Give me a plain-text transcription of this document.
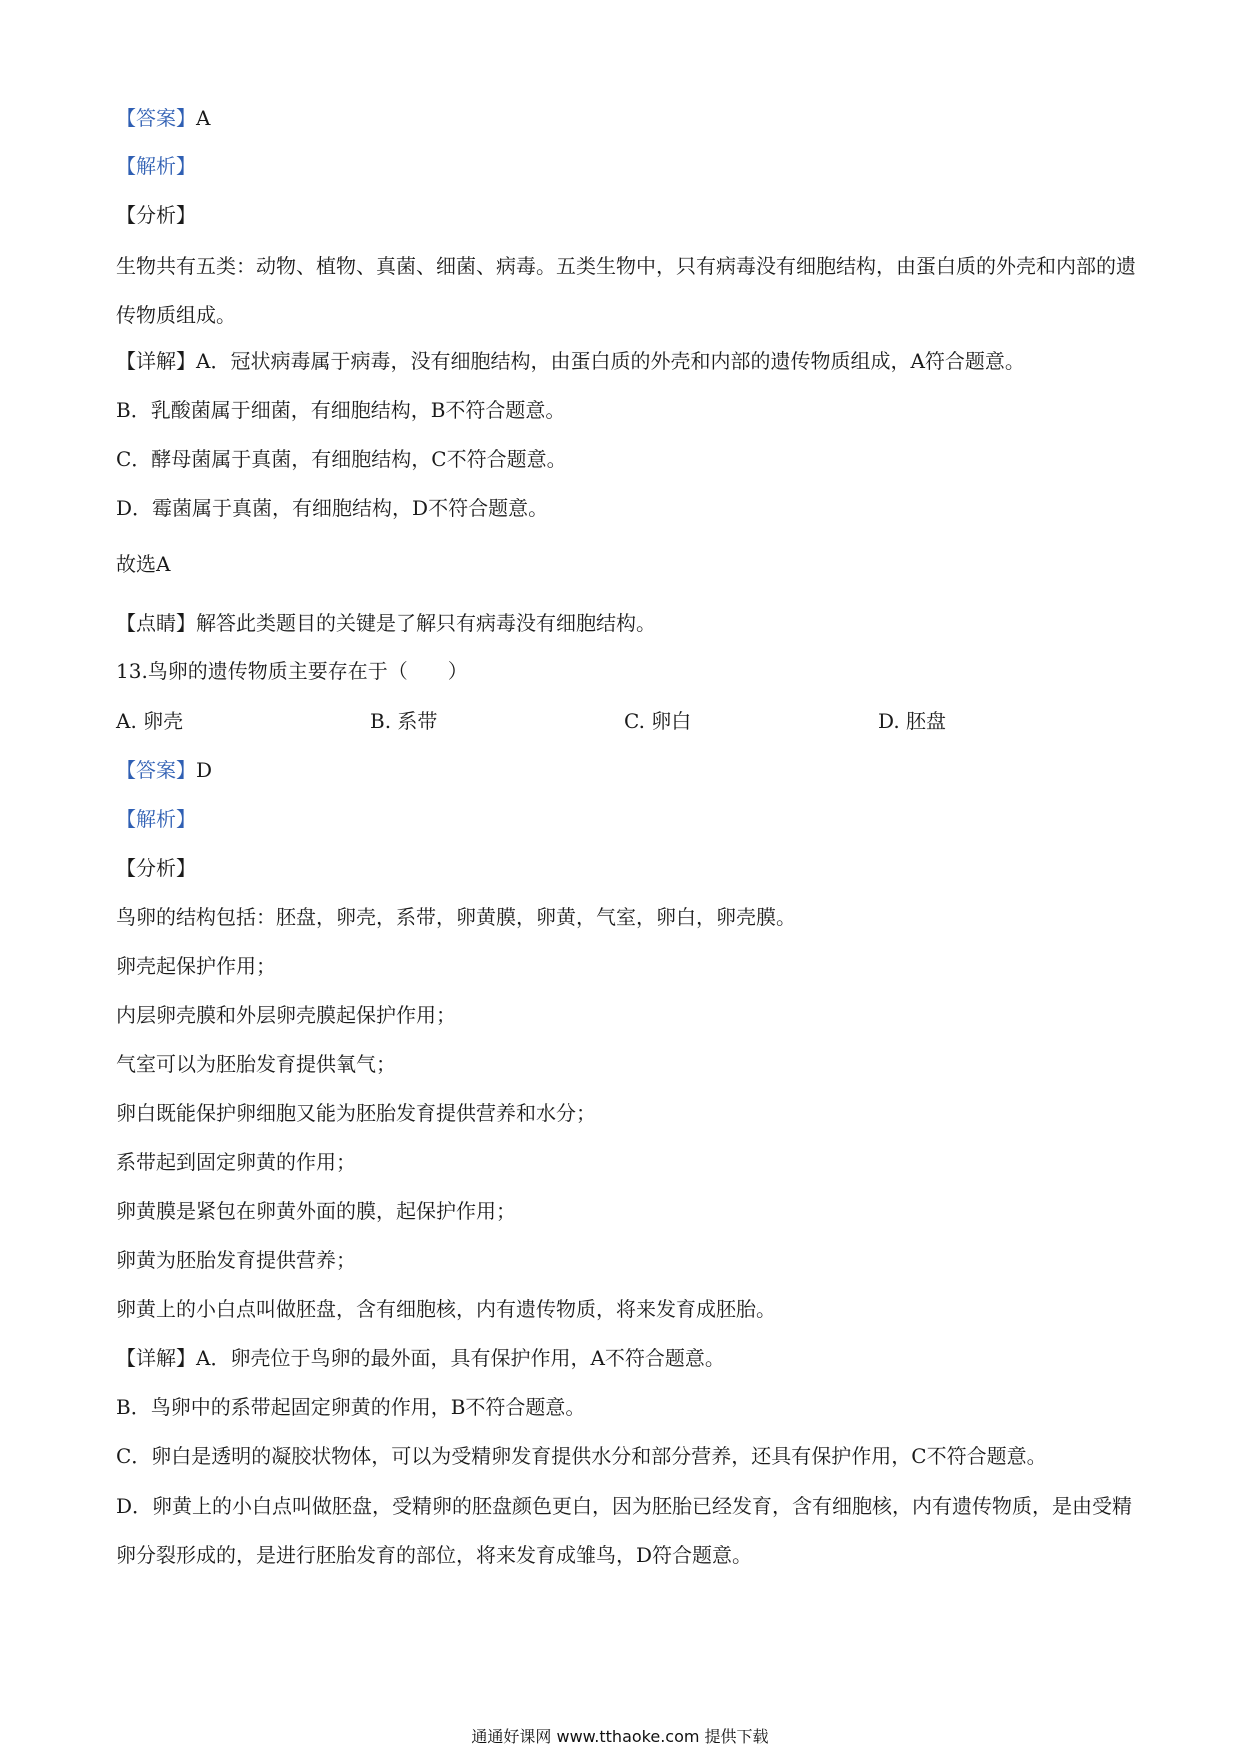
【答案】A
【解析】
【分析】
生物共有五类：动物、植物、真菌、细菌、病毒。五类生物中，只有病毒没有细胞结构，由蛋白质的外壳和内部的遗传物质组成。
【详解】A．冠状病毒属于病毒，没有细胞结构，由蛋白质的外壳和内部的遗传物质组成，A符合题意。
B．乳酸菌属于细菌，有细胞结构，B不符合题意。
C．酵母菌属于真菌，有细胞结构，C不符合题意。
D．霉菌属于真菌，有细胞结构，D不符合题意。
故选A
【点睛】解答此类题目的关键是了解只有病毒没有细胞结构。
13.鸟卵的遗传物质主要存在于（　　）
A. 卵壳	B. 系带	C. 卵白	D. 胚盘
【答案】D
【解析】
【分析】
鸟卵的结构包括：胚盘，卵壳，系带，卵黄膜，卵黄，气室，卵白，卵壳膜。
卵壳起保护作用；
内层卵壳膜和外层卵壳膜起保护作用；
气室可以为胚胎发育提供氧气；
卵白既能保护卵细胞又能为胚胎发育提供营养和水分；
系带起到固定卵黄的作用；
卵黄膜是紧包在卵黄外面的膜，起保护作用；
卵黄为胚胎发育提供营养；
卵黄上的小白点叫做胚盘，含有细胞核，内有遗传物质，将来发育成胚胎。
【详解】A．卵壳位于鸟卵的最外面，具有保护作用，A不符合题意。
B．鸟卵中的系带起固定卵黄的作用，B不符合题意。
C．卵白是透明的凝胶状物体，可以为受精卵发育提供水分和部分营养，还具有保护作用，C不符合题意。
D．卵黄上的小白点叫做胚盘，受精卵的胚盘颜色更白，因为胚胎已经发育，含有细胞核，内有遗传物质，是由受精卵分裂形成的，是进行胚胎发育的部位，将来发育成雏鸟，D符合题意。
通通好课网 www.tthaoke.com 提供下载
